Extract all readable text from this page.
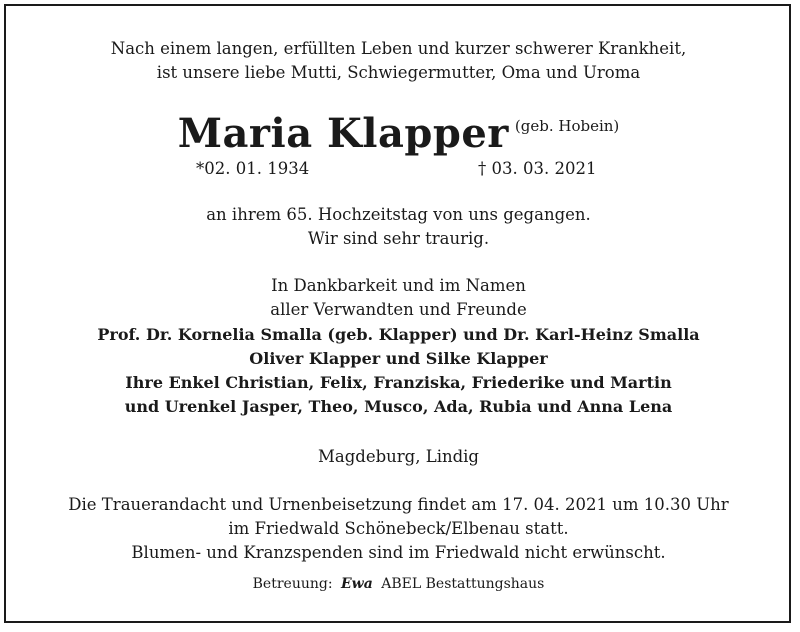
Nach einem langen, erfüllten Leben und kurzer schwerer Krankheit,
ist unsere liebe Mutti, Schwiegermutter, Oma und Uroma
Maria Klapper (geb. Hobein)
*02. 01. 1934	† 03. 03. 2021
an ihrem 65. Hochzeitstag von uns gegangen.
Wir sind sehr traurig.
In Dankbarkeit und im Namen
aller Verwandten und Freunde
Prof. Dr. Kornelia Smalla (geb. Klapper) und Dr. Karl-Heinz Smalla
Oliver Klapper und Silke Klapper
Ihre Enkel Christian, Felix, Franziska, Friederike und Martin
und Urenkel Jasper, Theo, Musco, Ada, Rubia und Anna Lena
Magdeburg, Lindig
Die Trauerandacht und Urnenbeisetzung findet am 17. 04. 2021 um 10.30 Uhr
im Friedwald Schönebeck/Elbenau statt.
Blumen- und Kranzspenden sind im Friedwald nicht erwünscht.
Betreuung: Ewa ABEL Bestattungshaus
